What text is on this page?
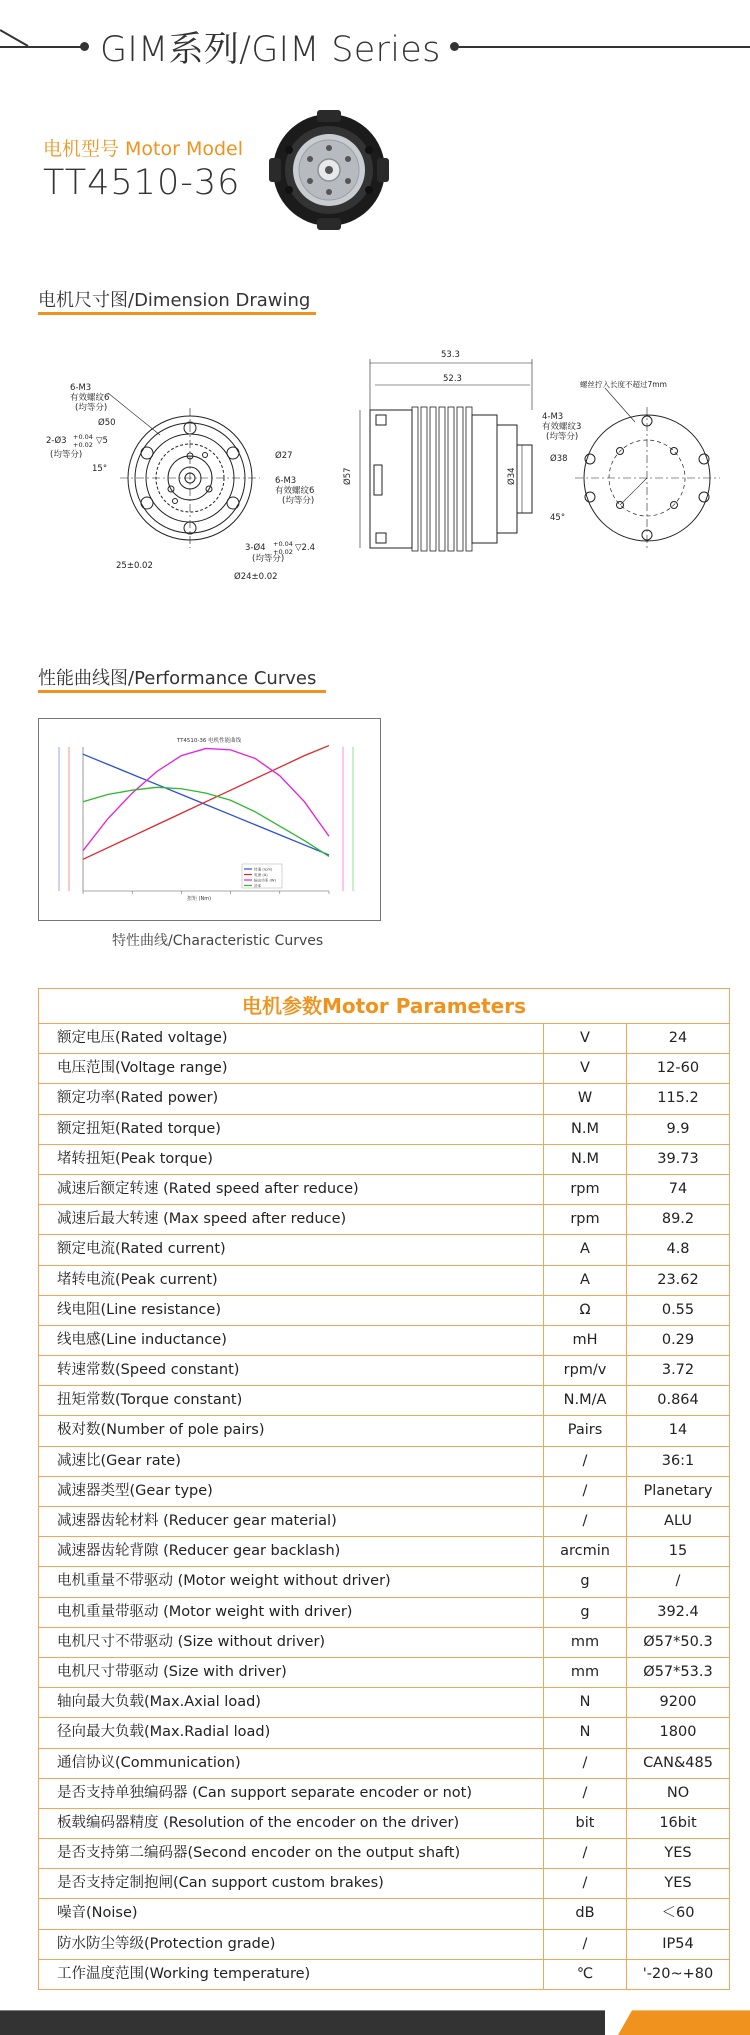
GIM系列/GIM Series
电机型号 Motor Model
TT4510-36
电机尺寸图/Dimension Drawing
6-M3
有效螺纹6
(均等分)
Ø50
2-Ø3 +0.04
+0.02 ▽5
(均等分)
15°
Ø27
6-M3
有效螺纹6
(均等分)
3-Ø4 +0.04
+0.02 ▽2.4
(均等分)
25±0.02
Ø24±0.02
53.3
52.3
Ø57	Ø34
螺丝拧入长度不超过7mm
4-M3
有效螺纹3
(均等分)
Ø38
45°
性能曲线图/Performance Curves
TT4510-36 电机性能曲线
扭矩 (Nm)
转速 (rpm)
电流 (A)
输出功率 (W)
效率
特性曲线/Characteristic Curves
电机参数Motor Parameters
额定电压(Rated voltage)	V	24
电压范围(Voltage range)	V	12-60
额定功率(Rated power)	W	115.2
额定扭矩(Rated torque)	N.M	9.9
堵转扭矩(Peak torque)	N.M	39.73
减速后额定转速 (Rated speed after reduce)	rpm	74
减速后最大转速 (Max speed after reduce)	rpm	89.2
额定电流(Rated current)	A	4.8
堵转电流(Peak current)	A	23.62
线电阻(Line resistance)	Ω	0.55
线电感(Line inductance)	mH	0.29
转速常数(Speed constant)	rpm/v	3.72
扭矩常数(Torque constant)	N.M/A	0.864
极对数(Number of pole pairs)	Pairs	14
减速比(Gear rate)	/	36:1
减速器类型(Gear type)	/	Planetary
减速器齿轮材料 (Reducer gear material)	/	ALU
减速器齿轮背隙 (Reducer gear backlash)	arcmin	15
电机重量不带驱动 (Motor weight without driver)	g	/
电机重量带驱动 (Motor weight with driver)	g	392.4
电机尺寸不带驱动 (Size without driver)	mm	Ø57*50.3
电机尺寸带驱动 (Size with driver)	mm	Ø57*53.3
轴向最大负载(Max.Axial load)	N	9200
径向最大负载(Max.Radial load)	N	1800
通信协议(Communication)	/	CAN&485
是否支持单独编码器 (Can support separate encoder or not)	/	NO
板载编码器精度 (Resolution of the encoder on the driver)	bit	16bit
是否支持第二编码器(Second encoder on the output shaft)	/	YES
是否支持定制抱闸(Can support custom brakes)	/	YES
噪音(Noise)	dB	＜60
防水防尘等级(Protection grade)	/	IP54
工作温度范围(Working temperature)	℃	'-20~+80
